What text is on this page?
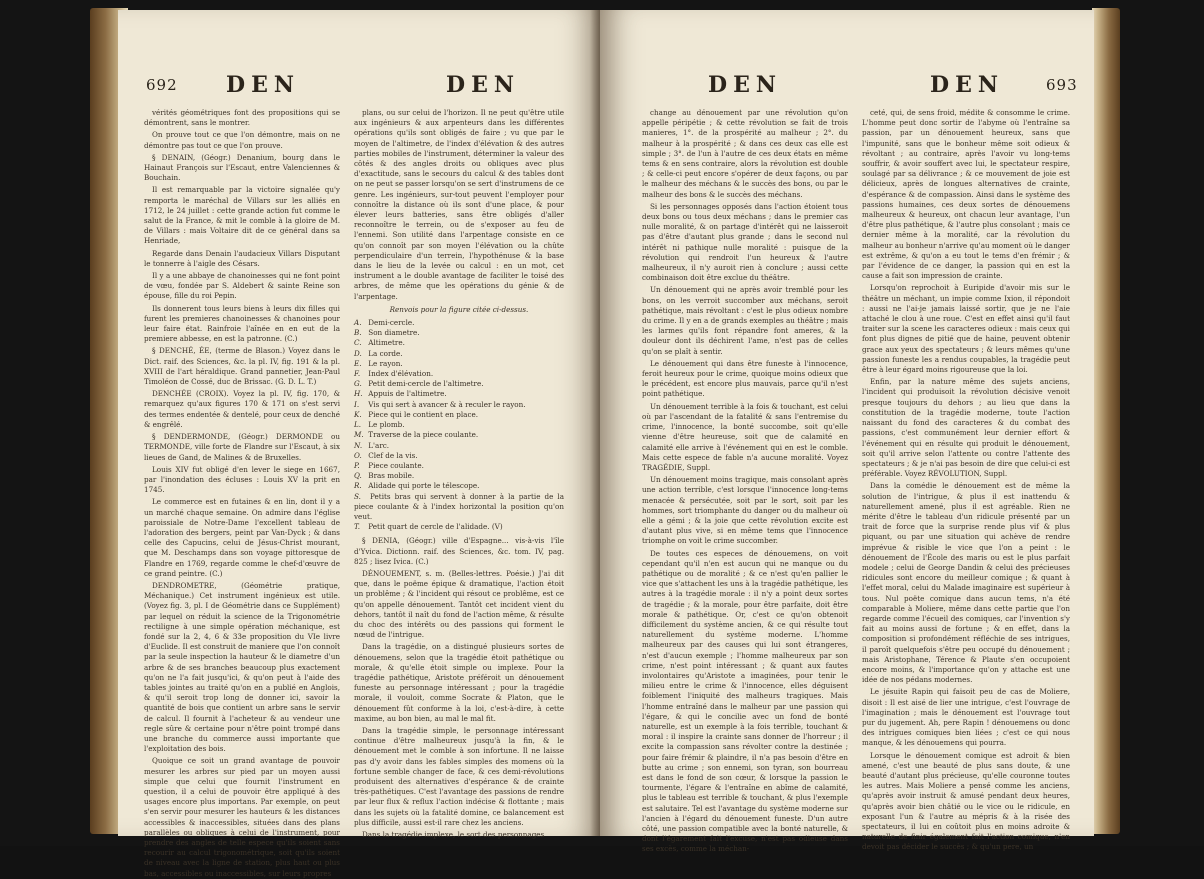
692 DEN	DEN

vérités géométriques font des propositions qui se démontrent, sans le montrer.

On prouve tout ce que l'on démontre, mais on ne démontre pas tout ce que l'on prouve.

§ DENAIN, (Géogr.) Denanium, bourg dans le Hainaut François sur l'Escaut, entre Valenciennes & Bouchain.

Il est remarquable par la victoire signalée qu'y remporta le maréchal de Villars sur les alliés en 1712, le 24 juillet : cette grande action fut comme le salut de la France, & mit le comble à la gloire de M. de Villars : mais Voltaire dit de ce général dans sa Henriade,

Regarde dans Denain l'audacieux Villars Disputant le tonnerre à l'aigle des Césars.

Il y a une abbaye de chanoinesses qui ne font point de vœu, fondée par S. Aldebert & sainte Reine son épouse, fille du roi Pepin.

Ils donnerent tous leurs biens à leurs dix filles qui furent les premieres chanoinesses & chanoines pour leur faire état. Rainfroie l'aînée en en eut de la premiere abbesse, en est la patronne. (C.)

§ DENCHÉ, ÉE, (terme de Blason.) Voyez dans le Dict. raif. des Sciences, &c. la pl. IV, fig. 191 & la pl. XVIII de l'art héraldique. Grand pannetier, Jean-Paul Timoléon de Cossé, duc de Brissac. (G. D. L. T.)

DENCHÉE (CROIX). Voyez la pl. IV, fig. 170, & remarquez qu'aux figures 170 & 171 on s'est servi des termes endentée & dentelé, pour ceux de denché & engrêlé.

§ DENDERMONDE, (Géogr.) DERMONDE ou TERMONDE, ville forte de Flandre sur l'Escaut, à six lieues de Gand, de Malines & de Bruxelles.

Louis XIV fut obligé d'en lever le siege en 1667, par l'inondation des écluses : Louis XV la prit en 1745.

Le commerce est en futaines & en lin, dont il y a un marché chaque semaine. On admire dans l'église paroissiale de Notre-Dame l'excellent tableau de l'adoration des bergers, peint par Van-Dyck ; & dans celle des Capucins, celui de Jésus-Christ mourant, que M. Deschamps dans son voyage pittoresque de Flandre en 1769, regarde comme le chef-d'œuvre de ce grand peintre. (C.)

DENDROMETRE, (Géométrie pratique, Méchanique.) Cet instrument ingénieux est utile. (Voyez fig. 3, pl. I de Géométrie dans ce Supplément) par lequel on réduit la science de la Trigonométrie rectiligne à une simple opération méchanique, est fondé sur la 2, 4, 6 & 33e proposition du VIe livre d'Euclide. Il est construit de maniere que l'on connoît par la seule inspection la hauteur & le diametre d'un arbre & de ses branches beaucoup plus exactement qu'on ne l'a fait jusqu'ici, & qu'on peut à l'aide des tables jointes au traité qu'on en a publié en Anglois, & qu'il seroit trop long de donner ici, savoir la quantité de bois que contient un arbre sans le servir de calcul. Il fournit à l'acheteur & au vendeur une regle sûre & certaine pour n'être point trompé dans une branche du commerce aussi importante que l'exploitation des bois.

Quoique ce soit un grand avantage de pouvoir mesurer les arbres sur pied par un moyen aussi simple que celui que fournit l'instrument en question, il a celui de pouvoir être appliqué à des usages encore plus importans. Par exemple, on peut s'en servir pour mesurer les hauteurs & les distances accessibles & inaccessibles, situées dans des plans parallèles ou obliques à celui de l'instrument, pour prendre des angles de telle espece qu'ils soient sans recourir au calcul trigonométrique, soit qu'ils soient de niveau avec la ligne de station, plus haut ou plus bas, accessibles ou inaccessibles, sur leurs propres

plans, ou sur celui de l'horizon. Il ne peut qu'être utile aux ingénieurs & aux arpenteurs dans les différentes opérations qu'ils sont obligés de faire ; vu que par le moyen de l'altimetre, de l'index d'élévation & des autres parties mobiles de l'instrument, déterminer la valeur des côtés & des angles droits ou obliques avec plus d'exactitude, sans le secours du calcul & des tables dont on ne peut se passer lorsqu'on se sert d'instrumens de ce genre. Les ingénieurs, sur-tout peuvent l'employer pour connoître la distance où ils sont d'une place, & pour élever leurs batteries, sans être obligés d'aller reconnoître le terrein, ou de s'exposer au feu de l'ennemi. Son utilité dans l'arpentage consiste en ce qu'on connoît par son moyen l'élévation ou la chûte perpendiculaire d'un terrein, l'hypothénuse & la base dans le lieu de la levée ou calcul : en un mot, cet instrument a le double avantage de faciliter le toisé des arbres, de même que les opérations du génie & de l'arpentage.

Renvois pour la figure citée ci-dessus.

A. Demi-cercle.
B. Son diametre.
C. Altimetre.
D. La corde.
E. Le rayon.
F. Index d'élévation.
G. Petit demi-cercle de l'altimetre.
H. Appuis de l'altimetre.
I. Vis qui sert à avancer & à reculer le rayon.
K. Piece qui le contient en place.
L. Le plomb.
M. Traverse de la piece coulante.
N. L'arc.
O. Clef de la vis.
P. Piece coulante.
Q. Bras mobile.
R. Alidade qui porte le télescope.
S. Petits bras qui servent à donner à la partie de la piece coulante & à l'index horizontal la position qu'on veut.
T. Petit quart de cercle de l'alidade. (V)

§ DENIA, (Géogr.) ville d'Espagne... vis-à-vis l'île d'Yvica. Dictionn. raif. des Sciences, &c. tom. IV, pag. 825 ; lisez Ivica. (C.)

DÉNOUEMENT, s. m. (Belles-lettres. Poésie.) J'ai dit que, dans le poëme épique & dramatique, l'action étoit un problême ; & l'incident qui résout ce problême, est ce qu'on appelle dénouement. Tantôt cet incident vient du dehors, tantôt il naît du fond de l'action même, & résulte du choc des intérêts ou des passions qui forment le nœud de l'intrigue.

Dans la tragédie, on a distingué plusieurs sortes de dénouemens, selon que la tragédie étoit pathétique ou morale, & qu'elle étoit simple ou implexe. Pour la tragédie pathétique, Aristote préféroit un dénouement funeste au personnage intéressant ; pour la tragédie morale, il vouloit, comme Socrate & Platon, que le dénouement fût conforme à la loi, c'est-à-dire, à cette maxime, au bon bien, au mal le mal fit.

Dans la tragédie simple, le personnage intéressant continue d'être malheureux jusqu'à la fin, & le dénouement met le comble à son infortune. Il ne laisse pas d'y avoir dans les fables simples des momens où la fortune semble changer de face, & ces demi-révolutions produisent des alternatives d'espérance & de crainte très-pathétiques. C'est l'avantage des passions de rendre par leur flux & reflux l'action indécise & flottante ; mais dans les sujets où la fatalité domine, ce balancement est plus difficile, aussi est-il rare chez les anciens.

Dans la tragédie implexe, le sort des personnages

DEN	DEN	693

change au dénouement par une révolution qu'on appelle péripétie ; & cette révolution se fait de trois manieres, 1°. de la prospérité au malheur ; 2°. du malheur à la prospérité ; & dans ces deux cas elle est simple ; 3°. de l'un à l'autre de ces deux états en même tems & en sens contraire, alors la révolution est double ; & celle-ci peut encore s'opérer de deux façons, ou par le malheur des méchans & le succès des bons, ou par le malheur des bons & le succès des méchans.

Si les personnages opposés dans l'action étoient tous deux bons ou tous deux méchans ; dans le premier cas nulle moralité, & on partage d'intérêt qui ne laisseroit pas d'être d'autant plus grande ; dans le second nul intérêt ni pathique nulle moralité : puisque de la révolution qui rendroit l'un heureux & l'autre malheureux, il n'y auroit rien à conclure ; aussi cette combinaison doit être exclue du théâtre.

Un dénouement qui ne après avoir tremblé pour les bons, on les verroit succomber aux méchans, seroit pathétique, mais révoltant : c'est le plus odieux nombre du crime. Il y en a de grands exemples au théâtre ; mais les larmes qu'ils font répandre font ameres, & la douleur dont ils déchirent l'ame, n'est pas de celles qu'on se plaît à sentir.

Le dénouement qui dans être funeste à l'innocence, feroit heureux pour le crime, quoique moins odieux que le précédent, est encore plus mauvais, parce qu'il n'est point pathétique.

Un dénouement terrible à la fois & touchant, est celui où par l'ascendant de la fatalité & sans l'entremise du crime, l'innocence, la bonté succombe, soit qu'elle vienne d'être heureuse, soit que de calamité en calamité elle arrive à l'événement qui en est le comble. Mais cette espece de fable n'a aucune moralité. Voyez TRAGÉDIE, Suppl.

Un dénouement moins tragique, mais consolant après une action terrible, c'est lorsque l'innocence long-tems menacée & persécutée, soit par le sort, soit par les hommes, sort triomphante du danger ou du malheur où elle a gémi ; & la joie que cette révolution excite est d'autant plus vive, si en même tems que l'innocence triomphe on voit le crime succomber.

De toutes ces especes de dénouemens, on voit cependant qu'il n'en est aucun qui ne manque ou du pathétique ou de moralité ; & ce n'est qu'en pallier le vice que s'attachent les uns à la tragédie pathétique, les autres à la tragédie morale : il n'y a point deux sortes de tragédie ; & la morale, pour être parfaite, doit être morale & pathétique. Or, c'est ce qu'on obtenoit difficilement du système ancien, & ce qui résulte tout naturellement du système moderne. L'homme malheureux par des causes qui lui sont étrangeres, n'est d'aucun exemple ; l'homme malheureux par son crime, n'est point intéressant ; & quant aux fautes involontaires qu'Aristote a imaginées, pour tenir le milieu entre le crime & l'innocence, elles déguisent foiblement l'iniquité des malheurs tragiques. Mais l'homme entraîné dans le malheur par une passion qui l'égare, & qui le concilie avec un fond de bonté naturelle, est un exemple à la fois terrible, touchant & moral : il inspire la crainte sans donner de l'horreur ; il excite la compassion sans révolter contre la destinée ; pour faire frémir & plaindre, il n'a pas besoin d'être en butte au crime ; son ennemi, son tyran, son bourreau est dans le fond de son cœur, & lorsque la passion le tourmente, l'égare & l'entraîne en abîme de calamité, plus le tableau est terrible & touchant, & plus l'exemple est salutaire. Tel est l'avantage du système moderne sur l'ancien à l'égard du dénouement funeste. D'un autre côté, une passion compatible avec la bonté naturelle, & dont l'égarement fait l'excuse, n'est pas odieuse dans ses excès, comme la méchan-

ceté, qui, de sens froid, médite & consomme le crime. L'homme peut donc sortir de l'abyme où l'entraîne sa passion, par un dénouement heureux, sans que l'impunité, sans que le bonheur même soit odieux & révoltant ; au contraire, après l'avoir vu long-tems souffrir, & avoir souffert avec lui, le spectateur respire, soulagé par sa délivrance ; & ce mouvement de joie est délicieux, après de longues alternatives de crainte, d'espérance & de compassion. Ainsi dans le système des passions humaines, ces deux sortes de dénouemens malheureux & heureux, ont chacun leur avantage, l'un d'être plus pathétique, & l'autre plus consolant ; mais ce dernier même à la moralité, car la révolution du malheur au bonheur n'arrive qu'au moment où le danger est extrême, & qu'on a eu tout le tems d'en frémir ; & par l'évidence de ce danger, la passion qui en est la cause a fait son impression de crainte.

Lorsqu'on reprochoit à Euripide d'avoir mis sur le théâtre un méchant, un impie comme Ixion, il répondoit : aussi ne l'ai-je jamais laissé sortir, que je ne l'aie attaché le clou à une roue. C'est en effet ainsi qu'il faut traiter sur la scene les caracteres odieux : mais ceux qui font plus dignes de pitié que de haine, peuvent obtenir grace aux yeux des spectateurs ; & leurs mêmes qu'une passion funeste les a rendus coupables, la tragédie peut être à leur égard moins rigoureuse que la loi.

Enfin, par la nature même des sujets anciens, l'incident qui produisoit la révolution décisive venoit presque toujours du dehors ; au lieu que dans la constitution de la tragédie moderne, toute l'action naissant du fond des caracteres & du combat des passions, c'est communément leur dernier effort & l'événement qui en résulte qui produit le dénouement, soit qu'il arrive selon l'attente ou contre l'attente des spectateurs ; & je n'ai pas besoin de dire que celui-ci est préférable. Voyez RÉVOLUTION, Suppl.

Dans la comédie le dénouement est de même la solution de l'intrigue, & plus il est inattendu & naturellement amené, plus il est agréable. Rien ne mérite d'être le tableau d'un ridicule présenté par un trait de force que la surprise rende plus vif & plus piquant, ou par une situation qui achève de rendre imprévue & risible le vice que l'on a peint : le dénouement de l'École des maris ou est le plus parfait modele ; celui de George Dandin & celui des précieuses ridicules sont encore du meilleur comique ; & quant à l'effet moral, celui du Malade imaginaire est supérieur à tous. Nul poëte comique dans aucun tems, n'a été comparable à Moliere, même dans cette partie que l'on regarde comme l'écueil des comiques, car l'invention s'y fait au moins aussi de fortune ; & en effet, dans la composition si profondément réfléchie de ses intrigues, il paroît quelquefois s'être peu occupé du dénouement ; mais Aristophane, Térence & Plaute s'en occupoient encore moins, & l'importance qu'on y attache est une idée de nos pédans modernes.

Le jésuite Rapin qui faisoit peu de cas de Moliere, disoit : Il est aisé de lier une intrigue, c'est l'ouvrage de l'imagination ; mais le dénouement est l'ouvrage tout pur du jugement. Ah, pere Rapin ! dénouemens ou donc des intrigues comiques bien liées ; c'est ce qui nous manque, & les dénouemens qui pourra.

Lorsque le dénouement comique est adroit & bien amené, c'est une beauté de plus sans doute, & une beauté d'autant plus précieuse, qu'elle couronne toutes les autres. Mais Moliere a pensé comme les anciens, qu'après avoir instruit & amusé pendant deux heures, qu'après avoir bien châtié ou le vice ou le ridicule, en exposant l'un & l'autre au mépris & à la risée des spectateurs, il lui en coûtoit plus en moins adroite & naturelle de finir également fait l'action comique, n'en devoit pas décider le succès ; & qu'un pere, un
